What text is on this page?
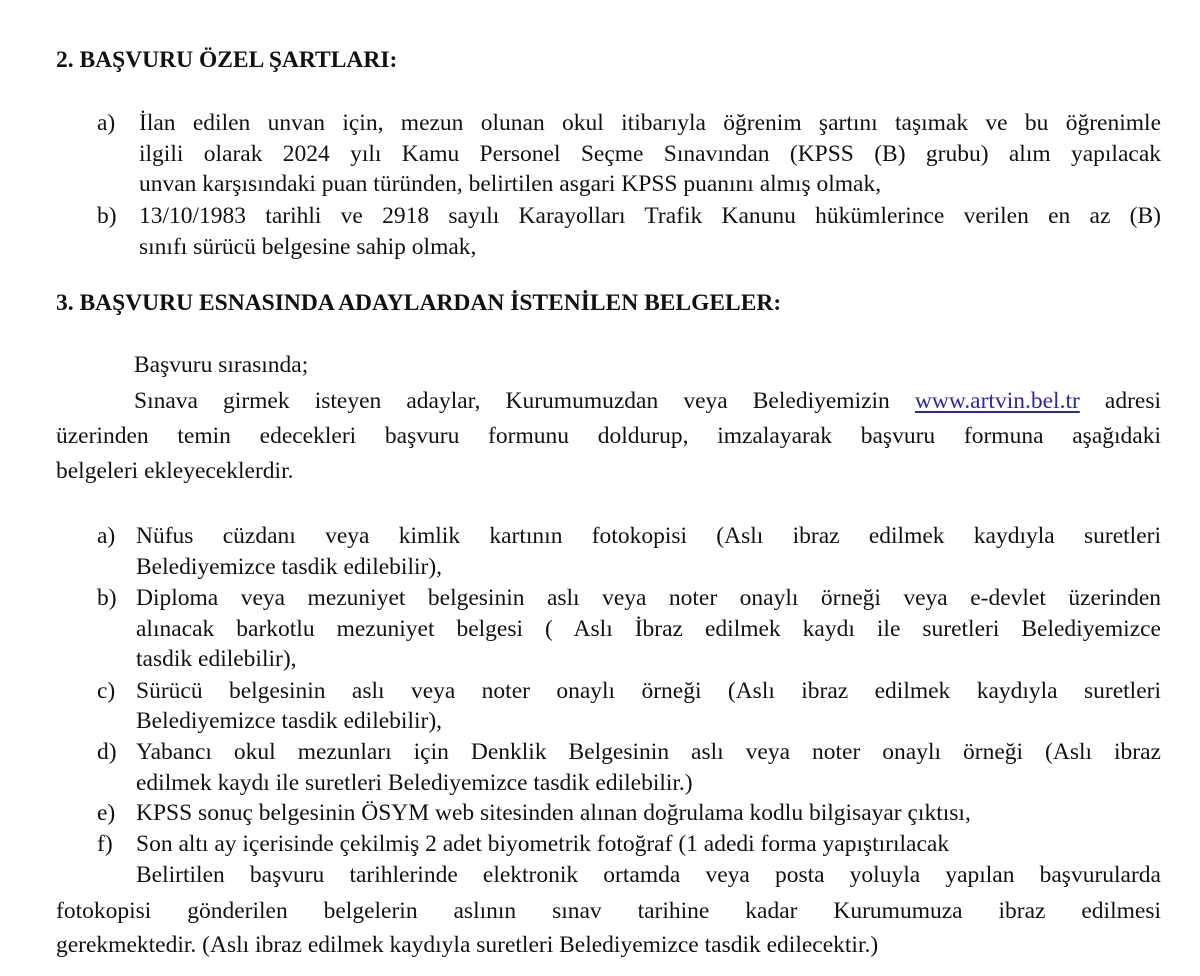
2. BAŞVURU ÖZEL ŞARTLARI:
a) İlan edilen unvan için, mezun olunan okul itibarıyla öğrenim şartını taşımak ve bu öğrenimle
ilgili olarak 2024 yılı Kamu Personel Seçme Sınavından (KPSS (B) grubu) alım yapılacak
unvan karşısındaki puan türünden, belirtilen asgari KPSS puanını almış olmak,
b) 13/10/1983 tarihli ve 2918 sayılı Karayolları Trafik Kanunu hükümlerince verilen en az (B)
sınıfı sürücü belgesine sahip olmak,
3. BAŞVURU ESNASINDA ADAYLARDAN İSTENİLEN BELGELER:
Başvuru sırasında;
Sınava girmek isteyen adaylar, Kurumumuzdan veya Belediyemizin www.artvin.bel.tr adresi
üzerinden temin edecekleri başvuru formunu doldurup, imzalayarak başvuru formuna aşağıdaki
belgeleri ekleyeceklerdir.
a) Nüfus cüzdanı veya kimlik kartının fotokopisi (Aslı ibraz edilmek kaydıyla suretleri
Belediyemizce tasdik edilebilir),
b) Diploma veya mezuniyet belgesinin aslı veya noter onaylı örneği veya e-devlet üzerinden
alınacak barkotlu mezuniyet belgesi ( Aslı İbraz edilmek kaydı ile suretleri Belediyemizce
tasdik edilebilir),
c) Sürücü belgesinin aslı veya noter onaylı örneği (Aslı ibraz edilmek kaydıyla suretleri
Belediyemizce tasdik edilebilir),
d) Yabancı okul mezunları için Denklik Belgesinin aslı veya noter onaylı örneği (Aslı ibraz
edilmek kaydı ile suretleri Belediyemizce tasdik edilebilir.)
e) KPSS sonuç belgesinin ÖSYM web sitesinden alınan doğrulama kodlu bilgisayar çıktısı,
f) Son altı ay içerisinde çekilmiş 2 adet biyometrik fotoğraf (1 adedi forma yapıştırılacak
Belirtilen başvuru tarihlerinde elektronik ortamda veya posta yoluyla yapılan başvurularda
fotokopisi gönderilen belgelerin aslının sınav tarihine kadar Kurumumuza ibraz edilmesi
gerekmektedir. (Aslı ibraz edilmek kaydıyla suretleri Belediyemizce tasdik edilecektir.)
